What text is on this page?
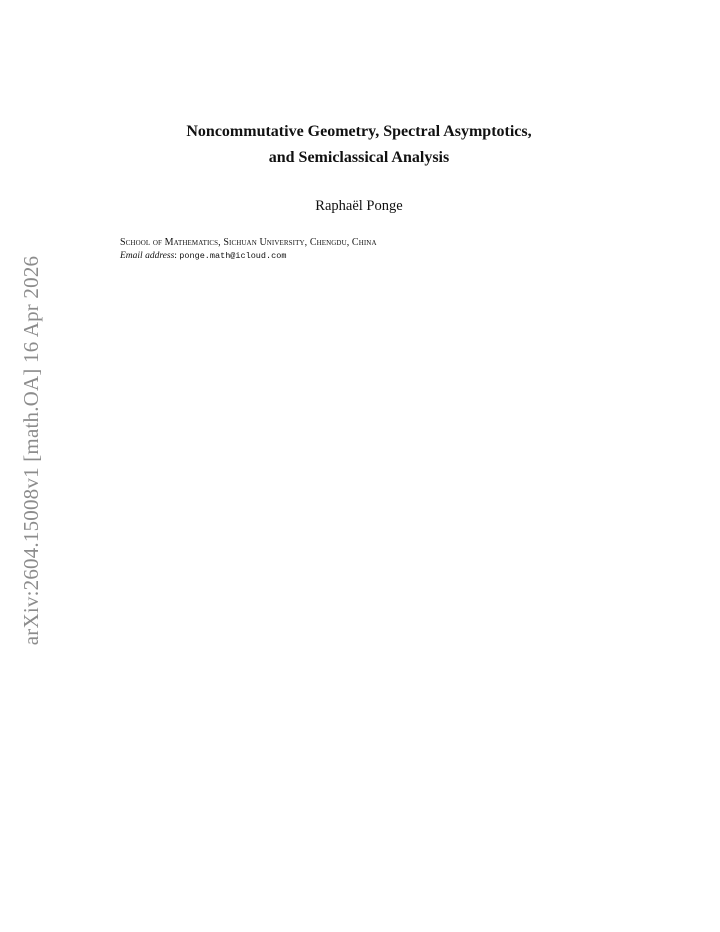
arXiv:2604.15008v1 [math.OA] 16 Apr 2026
Noncommutative Geometry, Spectral Asymptotics,
and Semiclassical Analysis
Raphaël Ponge
School of Mathematics, Sichuan University, Chengdu, China
Email address: ponge.math@icloud.com
